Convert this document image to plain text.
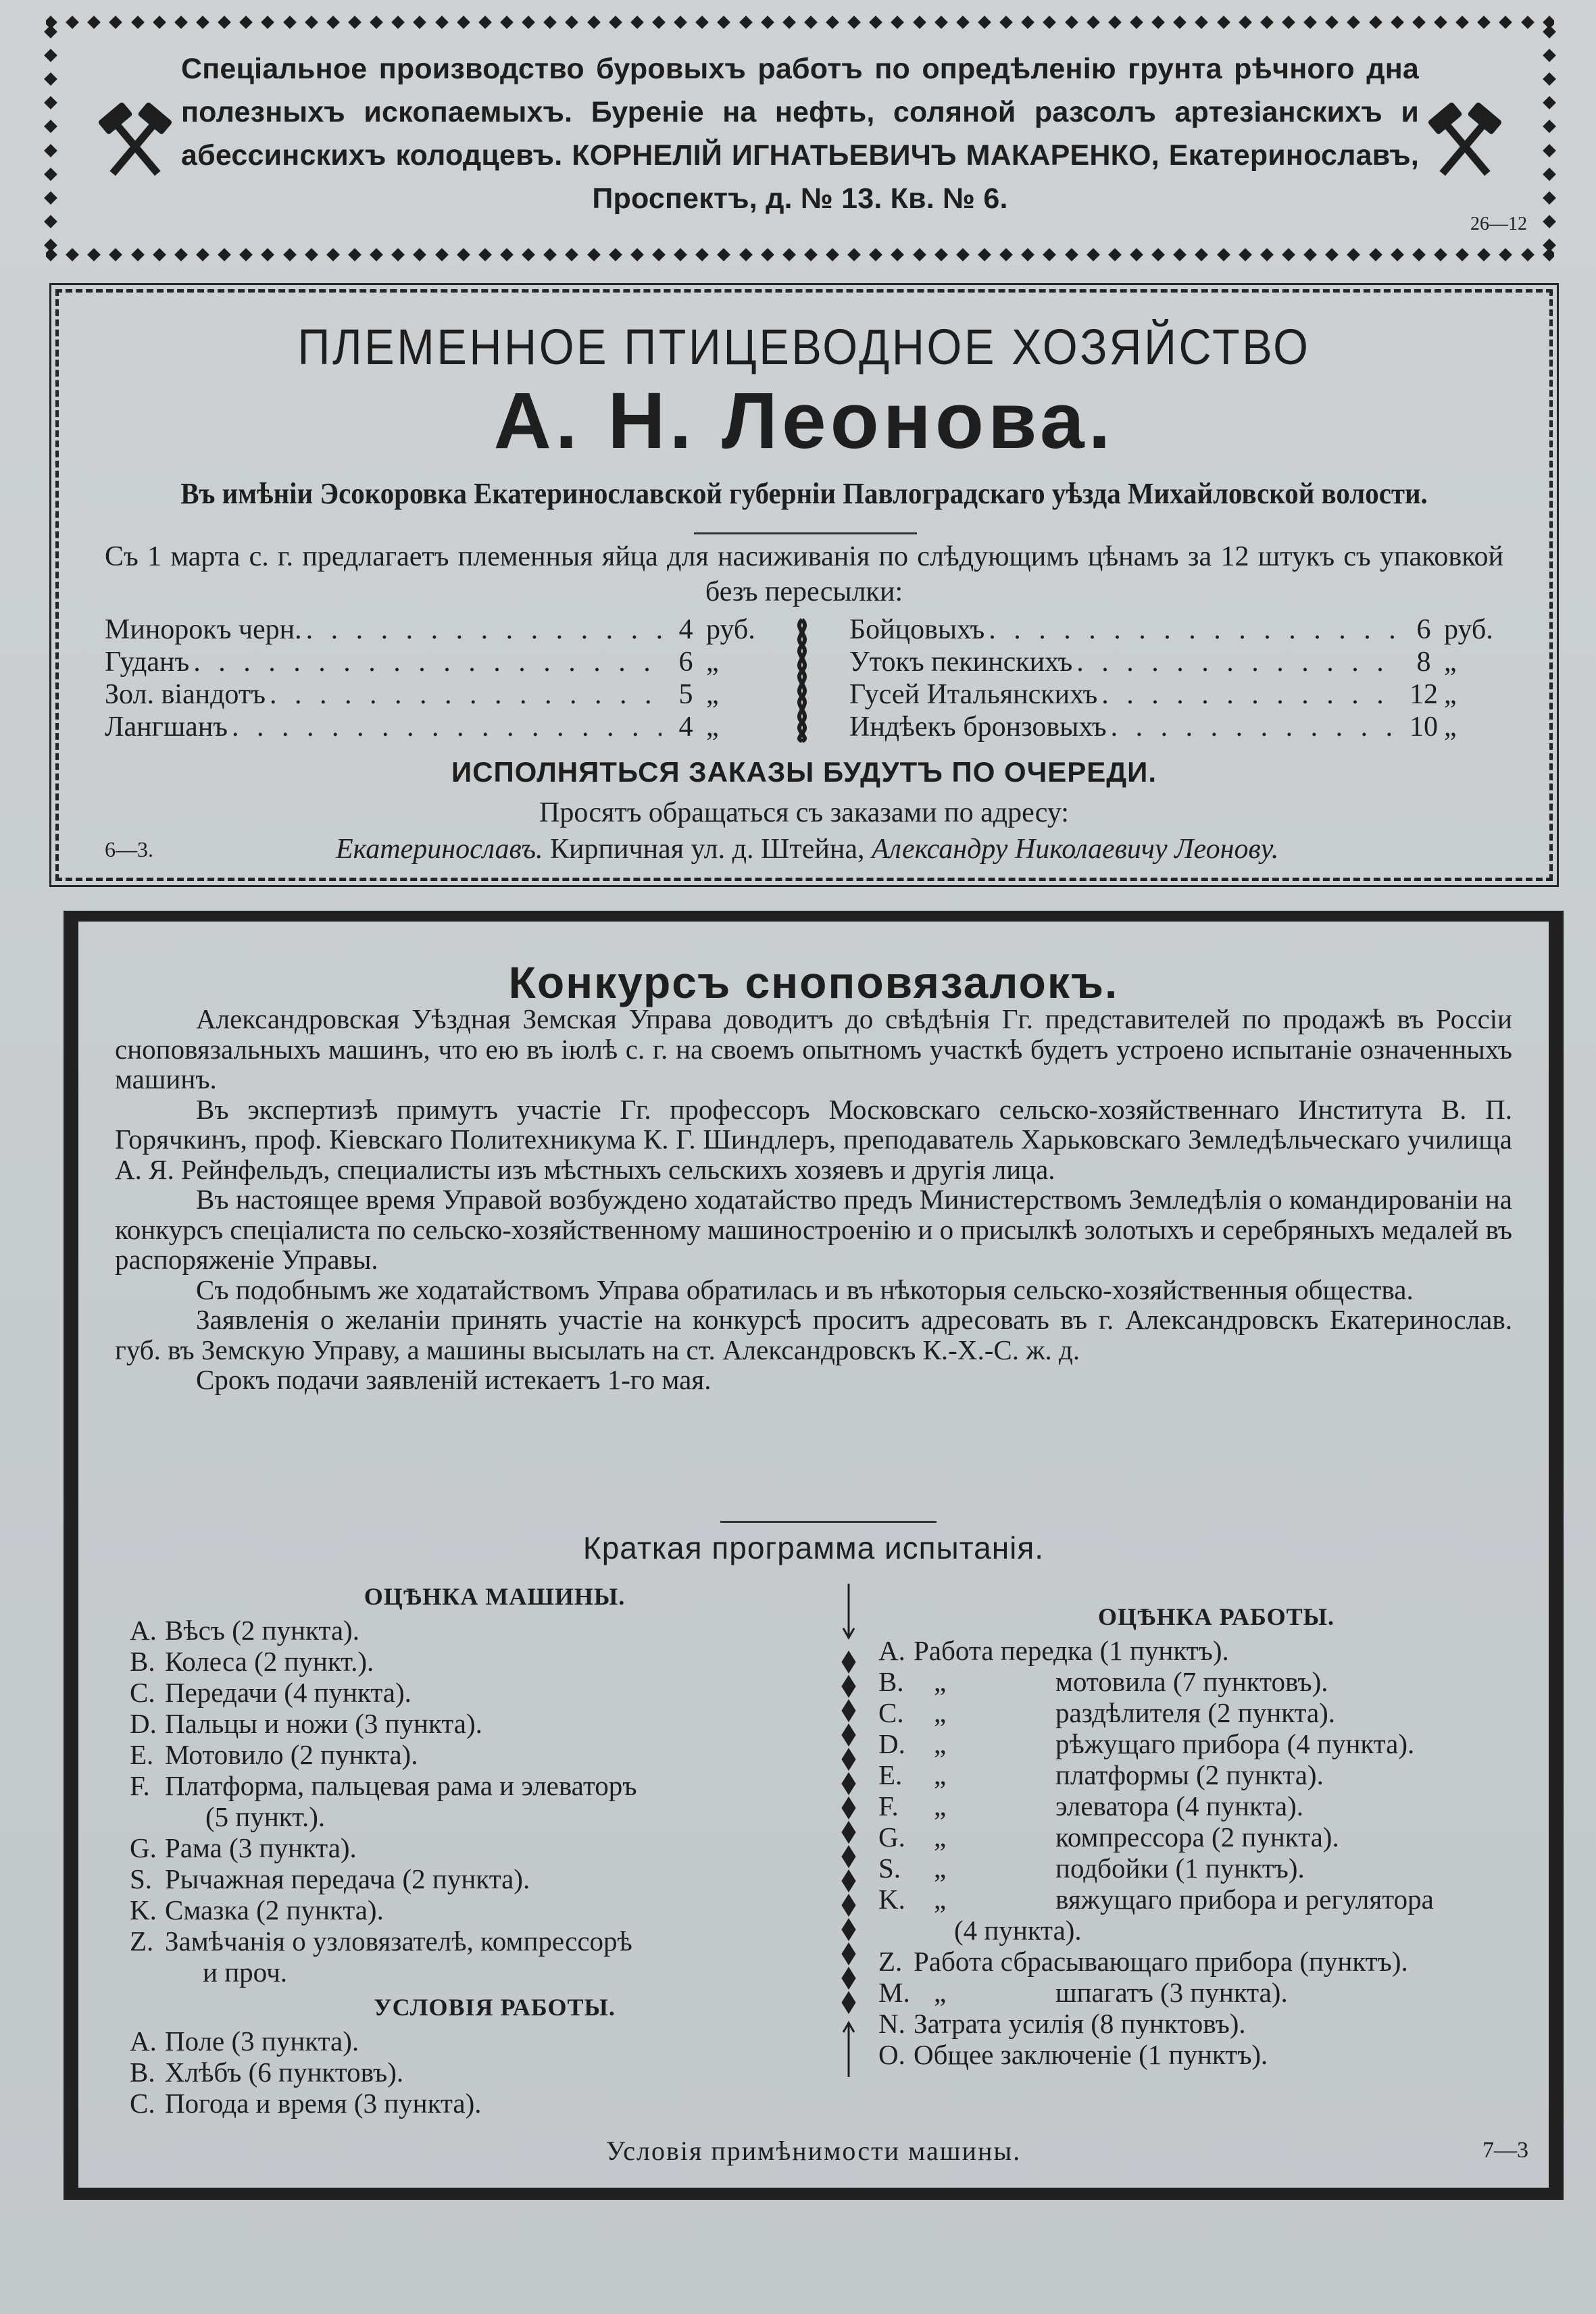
Спеціальное производство буровыхъ работъ по опредѣленію грунта рѣчного дна полезныхъ ископаемыхъ. Бурeніе на нефть, соляной разсолъ артезіанскихъ и абессинскихъ колодцевъ. КОРНЕЛІЙ ИГНАТЬЕВИЧЪ МАКАРЕНКО, Екатеринославъ, Проспектъ, д. № 13. Кв. № 6.
26—12
ПЛЕМЕННОЕ ПТИЦЕВОДНОЕ ХОЗЯЙСТВО
А. Н. Леонова.
Въ имѣніи Эсокоровка Екатеринославской губерніи Павлоградскаго уѣзда Михайловской волости.
Съ 1 марта с. г. предлагаетъ племенныя яйца для насиживанія по слѣдующимъ цѣнамъ за 12 штукъ съ упаковкой безъ пересылки:
Минорокъ черн. . . .	4 руб.
Гуданъ . . .	6 „
Зол. віандотъ . . .	5 „
Лангшанъ . . .	4 „
Бойцовыхъ . . .	6 руб.
Утокъ пекинскихъ . . .	8 „
Гусей Итальянскихъ . . .	12 „
Индѣекъ бронзовыхъ . . .	10 „
ИСПОЛНЯТЬСЯ ЗАКАЗЫ БУДУТЪ ПО ОЧЕРЕДИ.
Просятъ обращаться съ заказами по адресу:
Екатеринославъ. Кирпичная ул. д. Штейна, Александру Николаевичу Леонову.
6—3.
Конкурсъ сноповязалокъ.

Александровская Уѣздная Земская Управа доводитъ до свѣдѣнія Гг. представителей по продажѣ въ Россіи сноповязальныхъ машинъ, что ею въ іюлѣ с. г. на своемъ опытномъ участкѣ будетъ устроено испытаніе означенныхъ машинъ.

Въ экспертизѣ примутъ участіе Гг. профессоръ Московскаго сельско-хозяйственнаго Института В. П. Горячкинъ, проф. Кіевскаго Политехникума К. Г. Шиндлеръ, преподаватель Харьковскаго Земледѣльческаго училища А. Я. Рейнфельдъ, специалисты изъ мѣстныхъ сельскихъ хозяевъ и другія лица.

Въ настоящее время Управой возбуждено ходатайство предъ Министерствомъ Земледѣлія о командированіи на конкурсъ спеціалиста по сельско-хозяйственному машиностроенію и о присылкѣ золотыхъ и серебряныхъ медалей въ распоряженіе Управы.

Съ подобнымъ же ходатайствомъ Управа обратилась и въ нѣкоторыя сельско-хозяйственныя общества.

Заявленія о желаніи принять участіе на конкурсѣ проситъ адресовать въ г. Александровскъ Екатеринослав. губ. въ Земскую Управу, а машины высылать на ст. Александровскъ К.-Х.-С. ж. д.

Срокъ подачи заявленій истекаетъ 1-го мая.

Краткая программа испытанія.
ОЦѢНКА МАШИНЫ.
A. Вѣсъ (2 пункта).
B. Колеса (2 пункт.).
C. Передачи (4 пункта).
D. Пальцы и ножи (3 пункта).
E. Мотовило (2 пункта).
F. Платформа, пальцевая рама и элеваторъ
(5 пункт.).
G. Рама (3 пункта).
S. Рычажная передача (2 пункта).
K. Смазка (2 пункта).
Z. Замѣчанія о узловязателѣ, компрессорѣ
и проч.
УСЛОВІЯ РАБОТЫ.
A. Поле (3 пункта).
B. Хлѣбъ (6 пунктовъ).
C. Погода и время (3 пункта).
ОЦѢНКА РАБОТЫ.
A. Работа передка (1 пунктъ).
B.	„	мотовила (7 пунктовъ).
C.	„	раздѣлителя (2 пункта).
D.	„	рѣжущаго прибора (4 пункта).
E.	„	платформы (2 пункта).
F.	„	элеватора (4 пункта).
G.	„	компрессора (2 пункта).
S.	„	подбойки (1 пунктъ).
K.	„	вяжущаго прибора и регулятора
(4 пункта).
Z. Работа сбрасывающаго прибора (пунктъ).
M. „	шпагатъ (3 пункта).
N. Затрата усилія (8 пунктовъ).
O. Общее заключеніе (1 пунктъ).
Условія примѣнимости машины.	7—3
